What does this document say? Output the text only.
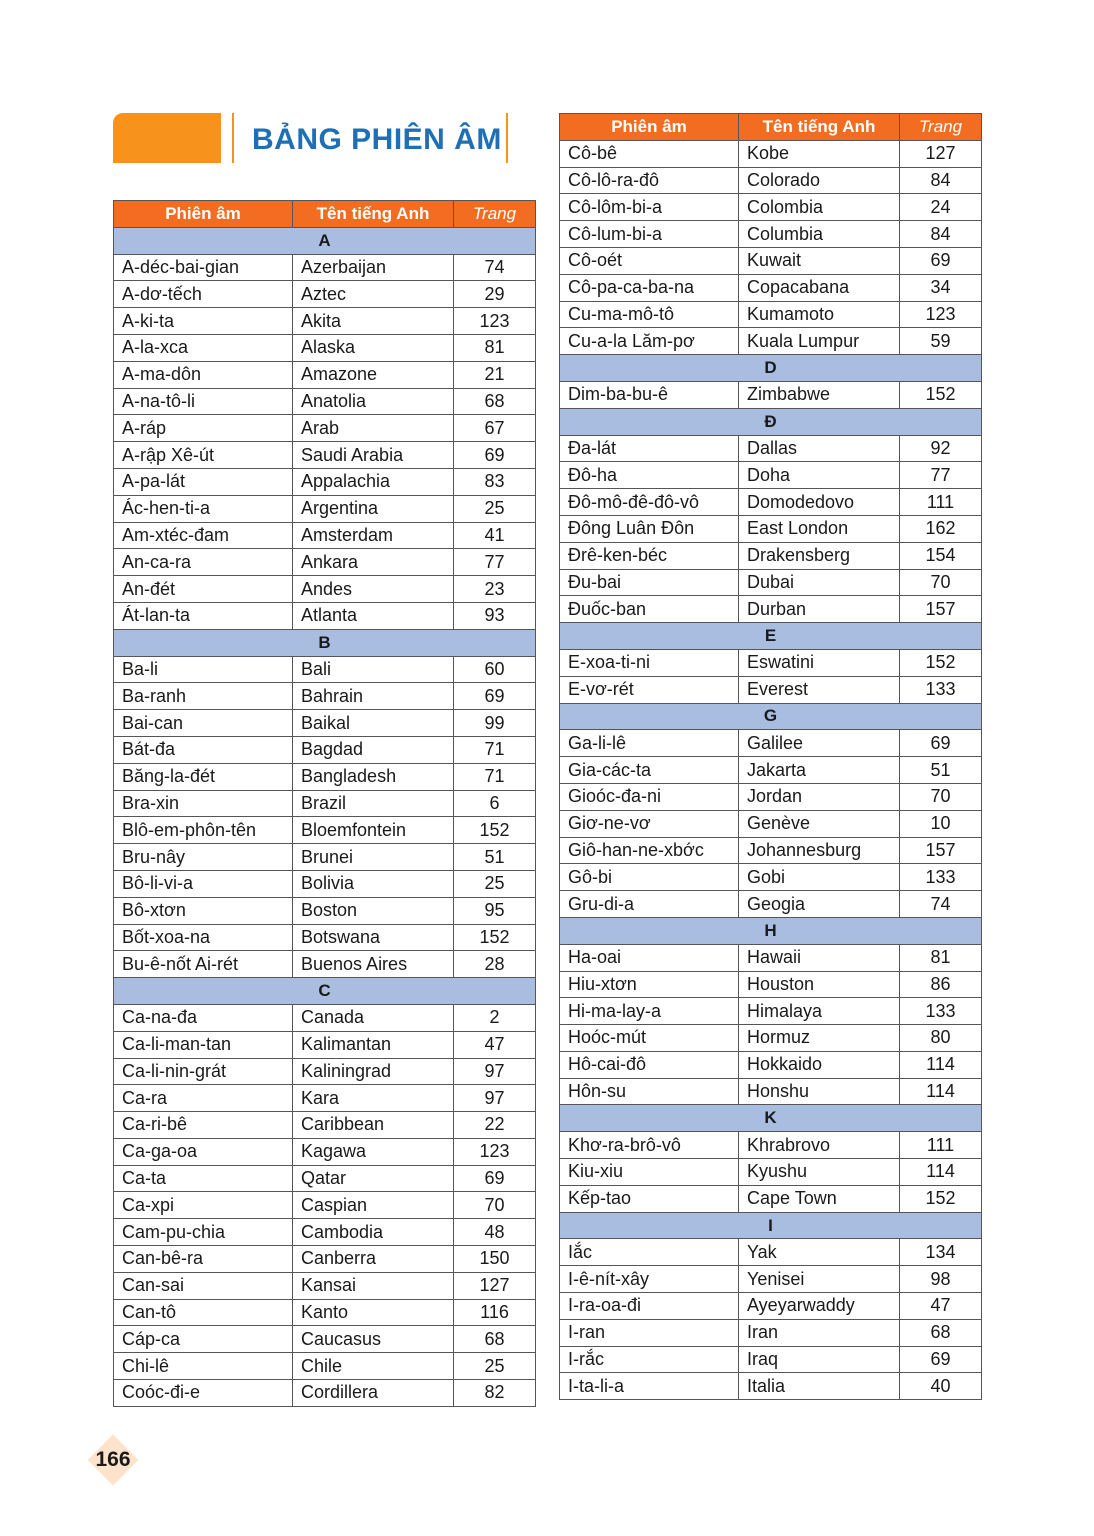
BẢNG PHIÊN ÂM
Phiên âm	Tên tiếng Anh	Trang
A		
A-déc-bai-gian	Azerbaijan	74
A-dơ-tếch	Aztec	29
A-ki-ta	Akita	123
A-la-xca	Alaska	81
A-ma-dôn	Amazone	21
A-na-tô-li	Anatolia	68
A-ráp	Arab	67
A-rập Xê-út	Saudi Arabia	69
A-pa-lát	Appalachia	83
Ác-hen-ti-a	Argentina	25
Am-xtéc-đam	Amsterdam	41
An-ca-ra	Ankara	77
An-đét	Andes	23
Át-lan-ta	Atlanta	93
B		
Ba-li	Bali	60
Ba-ranh	Bahrain	69
Bai-can	Baikal	99
Bát-đa	Bagdad	71
Băng-la-đét	Bangladesh	71
Bra-xin	Brazil	6
Blô-em-phôn-tên	Bloemfontein	152
Bru-nây	Brunei	51
Bô-li-vi-a	Bolivia	25
Bô-xtơn	Boston	95
Bốt-xoa-na	Botswana	152
Bu-ê-nốt Ai-rét	Buenos Aires	28
C		
Ca-na-đa	Canada	2
Ca-li-man-tan	Kalimantan	47
Ca-li-nin-grát	Kaliningrad	97
Ca-ra	Kara	97
Ca-ri-bê	Caribbean	22
Ca-ga-oa	Kagawa	123
Ca-ta	Qatar	69
Ca-xpi	Caspian	70
Cam-pu-chia	Cambodia	48
Can-bê-ra	Canberra	150
Can-sai	Kansai	127
Can-tô	Kanto	116
Cáp-ca	Caucasus	68
Chi-lê	Chile	25
Coóc-đi-e	Cordillera	82
Phiên âm	Tên tiếng Anh	Trang
Cô-bê	Kobe	127
Cô-lô-ra-đô	Colorado	84
Cô-lôm-bi-a	Colombia	24
Cô-lum-bi-a	Columbia	84
Cô-oét	Kuwait	69
Cô-pa-ca-ba-na	Copacabana	34
Cu-ma-mô-tô	Kumamoto	123
Cu-a-la Lăm-pơ	Kuala Lumpur	59
D		
Dim-ba-bu-ê	Zimbabwe	152
Đ		
Đa-lát	Dallas	92
Đô-ha	Doha	77
Đô-mô-đê-đô-vô	Domodedovo	111
Đông Luân Đôn	East London	162
Đrê-ken-béc	Drakensberg	154
Đu-bai	Dubai	70
Đuốc-ban	Durban	157
E		
E-xoa-ti-ni	Eswatini	152
E-vơ-rét	Everest	133
G		
Ga-li-lê	Galilee	69
Gia-các-ta	Jakarta	51
Gioóc-đa-ni	Jordan	70
Giơ-ne-vơ	Genève	10
Giô-han-ne-xbớc	Johannesburg	157
Gô-bi	Gobi	133
Gru-di-a	Geogia	74
H		
Ha-oai	Hawaii	81
Hiu-xtơn	Houston	86
Hi-ma-lay-a	Himalaya	133
Hoóc-mút	Hormuz	80
Hô-cai-đô	Hokkaido	114
Hôn-su	Honshu	114
K		
Khơ-ra-brô-vô	Khrabrovo	111
Kiu-xiu	Kyushu	114
Kếp-tao	Cape Town	152
I		
Iắc	Yak	134
I-ê-nít-xây	Yenisei	98
I-ra-oa-đi	Ayeyarwaddy	47
I-ran	Iran	68
I-rắc	Iraq	69
I-ta-li-a	Italia	40
166
